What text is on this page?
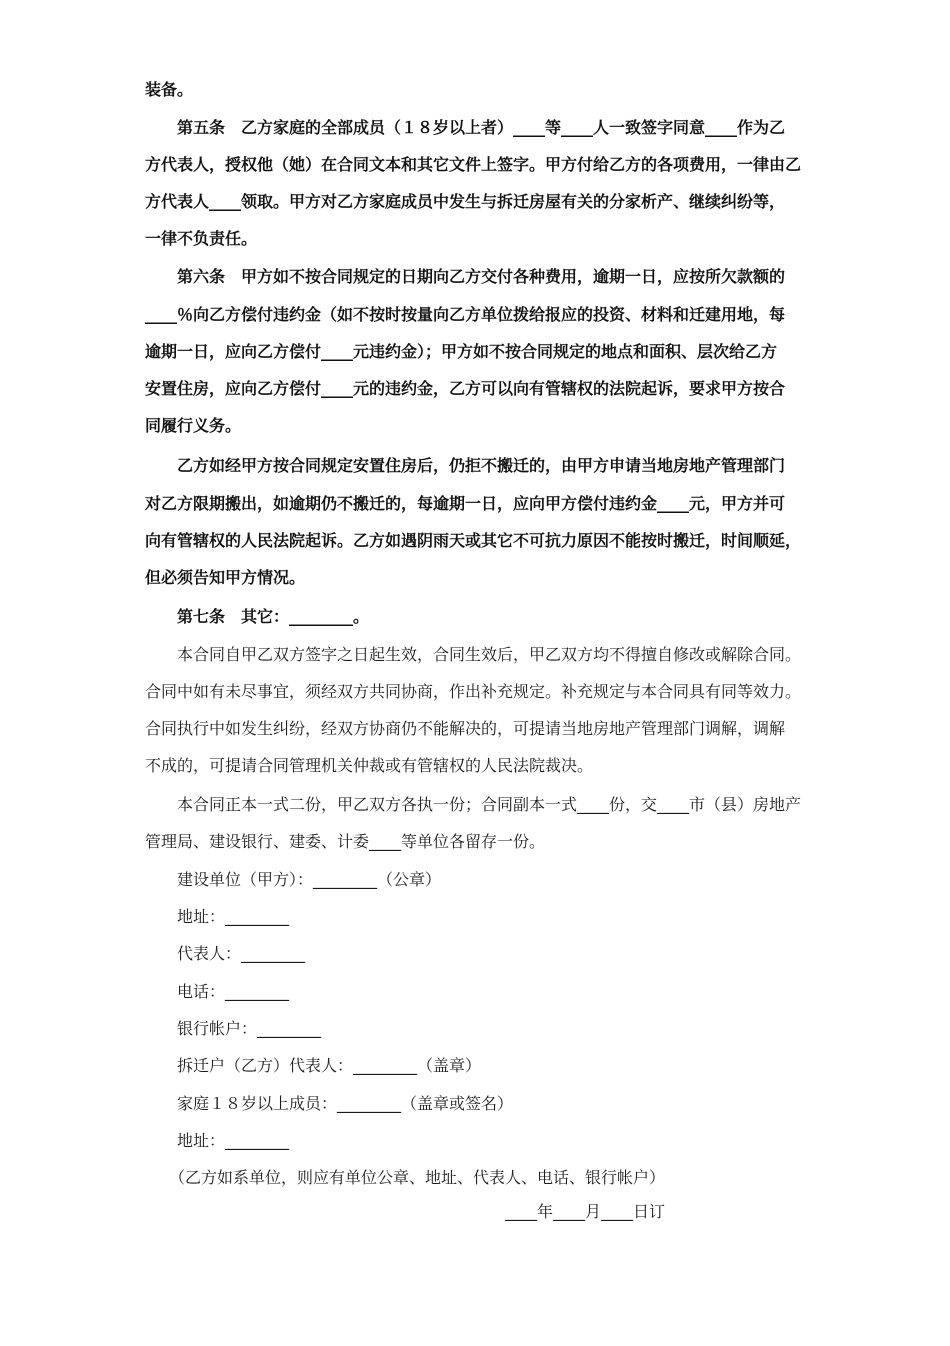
装备。
　　第五条　乙方家庭的全部成员（１８岁以上者）____等____人一致签字同意____作为乙
方代表人，授权他（她）在合同文本和其它文件上签字。甲方付给乙方的各项费用，一律由乙
方代表人____领取。甲方对乙方家庭成员中发生与拆迁房屋有关的分家析产、继续纠纷等，
一律不负责任。
　　第六条　甲方如不按合同规定的日期向乙方交付各种费用，逾期一日，应按所欠款额的
____％向乙方偿付违约金（如不按时按量向乙方单位拨给报应的投资、材料和迁建用地，每
逾期一日，应向乙方偿付____元违约金）；甲方如不按合同规定的地点和面积、层次给乙方
安置住房，应向乙方偿付____元的违约金，乙方可以向有管辖权的法院起诉，要求甲方按合
同履行义务。
　　乙方如经甲方按合同规定安置住房后，仍拒不搬迁的，由甲方申请当地房地产管理部门
对乙方限期搬出，如逾期仍不搬迁的，每逾期一日，应向甲方偿付违约金____元，甲方并可
向有管辖权的人民法院起诉。乙方如遇阴雨天或其它不可抗力原因不能按时搬迁，时间顺延，
但必须告知甲方情况。
　　第七条　其它：________。
　　本合同自甲乙双方签字之日起生效，合同生效后，甲乙双方均不得擅自修改或解除合同。
合同中如有未尽事宜，须经双方共同协商，作出补充规定。补充规定与本合同具有同等效力。
合同执行中如发生纠纷，经双方协商仍不能解决的，可提请当地房地产管理部门调解，调解
不成的，可提请合同管理机关仲裁或有管辖权的人民法院裁决。
　　本合同正本一式二份，甲乙双方各执一份；合同副本一式____份，交____市（县）房地产
管理局、建设银行、建委、计委____等单位各留存一份。
　　建设单位（甲方）：________（公章）
　　地址：________
　　代表人：________
　　电话：________
　　银行帐户：________
　　拆迁户（乙方）代表人：________（盖章）
　　家庭１８岁以上成员：________（盖章或签名）
　　地址：________
　　（乙方如系单位，则应有单位公章、地址、代表人、电话、银行帐户）
____年____月____日订
